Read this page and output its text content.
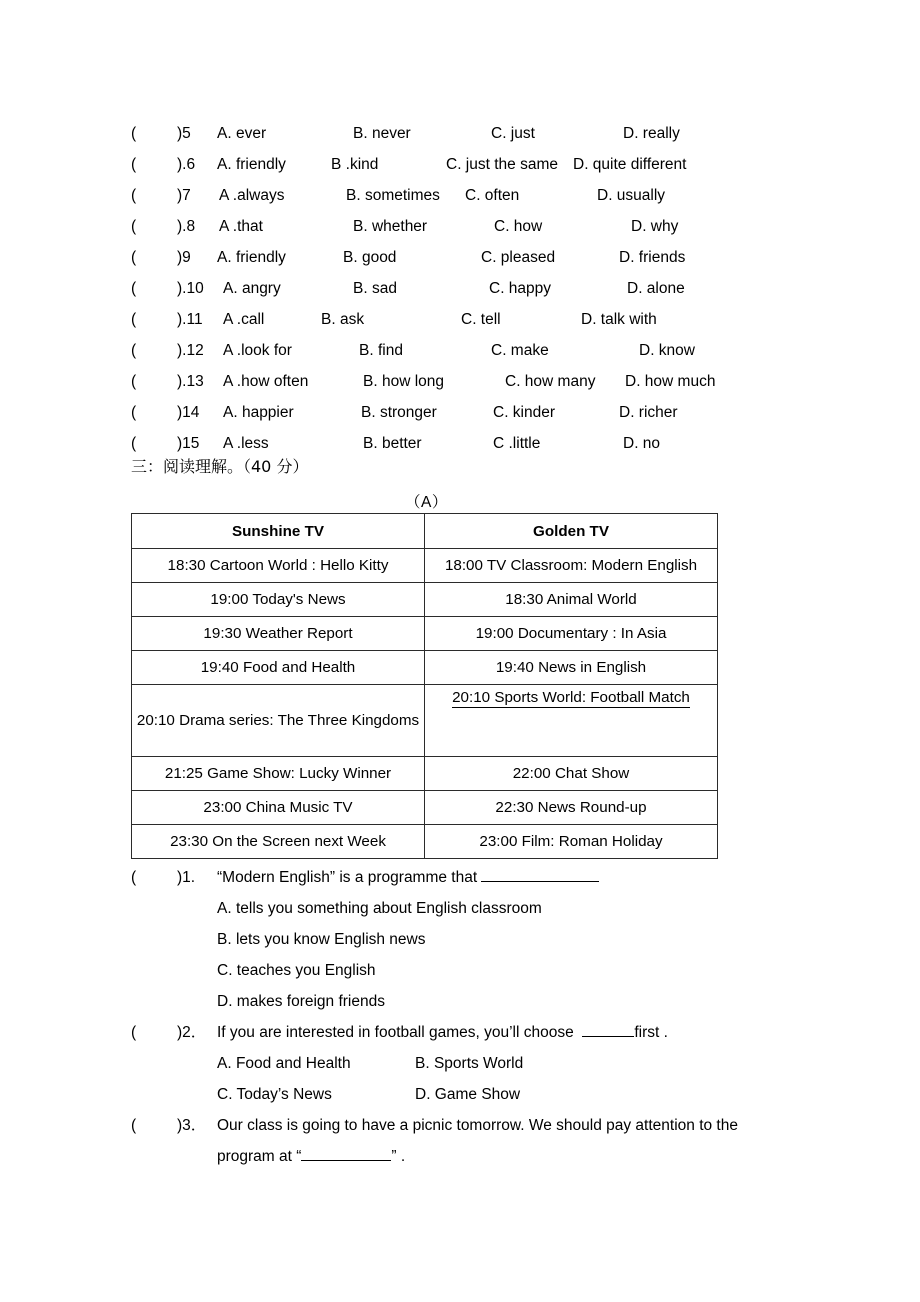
(	)5 A. ever	B. never	C. just	D. really
(	).6 A. friendly	B .kind	C. just the same D. quite different
(	)7 A .always	B. sometimes C. often	D. usually
(	).8 A .that	B. whether	C. how	D. why
(	)9 A. friendly	B. good	C. pleased	D. friends
(	).10 A. angry	B. sad	C. happy	D. alone
(	).11 A .call	B. ask	C. tell	D. talk with
(	).12 A .look for	B. find	C. make	D. know
(	).13 A .how often	B. how long	C. how many D. how much
(	)14 A. happier	B. stronger	C. kinder	D. richer
(	)15 A .less	B. better	C .little	D. no
三：阅读理解。（40 分）
（A）
Sunshine TV	Golden TV
18:30 Cartoon World : Hello Kitty	18:00 TV Classroom: Modern English
19:00 Today's News	18:30 Animal World
19:30 Weather Report	19:00 Documentary : In Asia
19:40 Food and Health	19:40 News in English
20:10 Drama series: The Three Kingdoms	20:10 Sports World: Football Match
21:25 Game Show: Lucky Winner	22:00 Chat Show
23:00 China Music TV	22:30 News Round-up
23:30 On the Screen next Week	23:00 Film: Roman Holiday
(	)1. “Modern English” is a programme that
A. tells you something about English classroom
B. lets you know English news
C. teaches you English
D. makes foreign friends
(	)2． If you are interested in football games, you’ll choose	first .
A. Food and Health	B. Sports World
C. Today’s News	D. Game Show
(	)3． Our class is going to have a picnic tomorrow. We should pay attention to the
program at “	” .
